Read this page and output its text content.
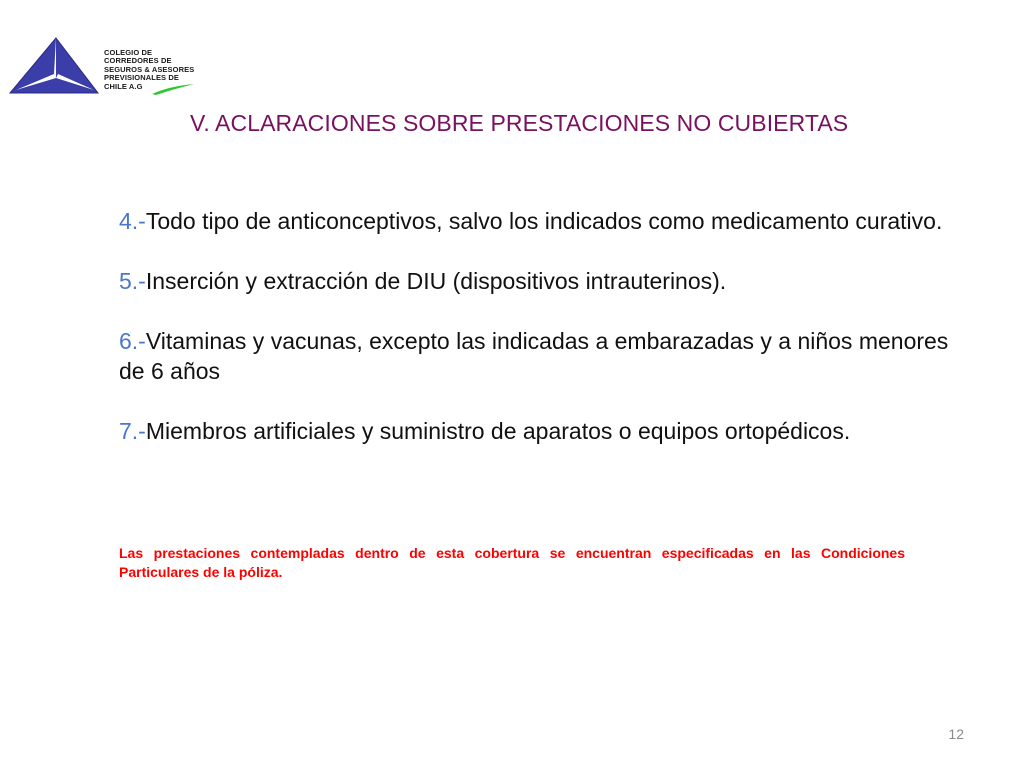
COLEGIO DE
CORREDORES DE
SEGUROS & ASESORES
PREVISIONALES DE
CHILE A.G
V. ACLARACIONES SOBRE PRESTACIONES NO CUBIERTAS

4.-Todo tipo de anticonceptivos, salvo los indicados como medicamento curativo.

5.-Inserción y extracción de DIU (dispositivos intrauterinos).

6.-Vitaminas y vacunas, excepto las indicadas a embarazadas y a niños menores de 6 años

7.-Miembros artificiales y suministro de aparatos o equipos ortopédicos.

Las prestaciones contempladas dentro de esta cobertura se encuentran especificadas en las Condiciones Particulares de la póliza.
12
